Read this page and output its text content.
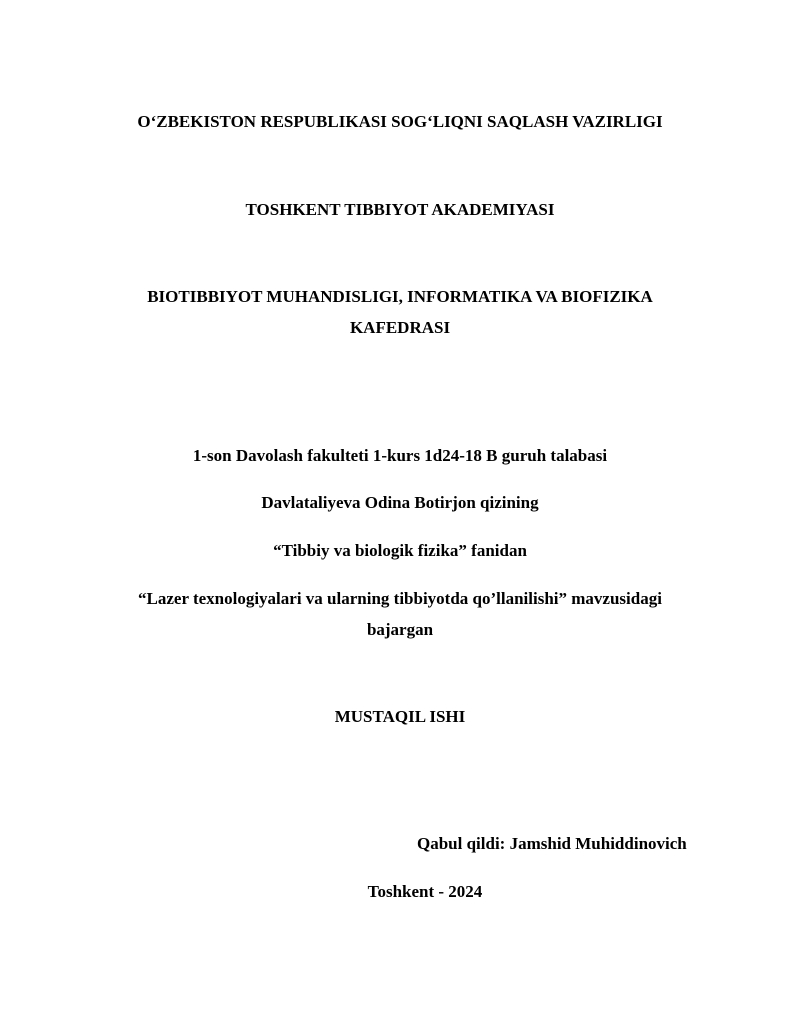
O‘ZBEKISTON RESPUBLIKASI SOG‘LIQNI SAQLASH VAZIRLIGI
TOSHKENT TIBBIYOT AKADEMIYASI
BIOTIBBIYOT MUHANDISLIGI, INFORMATIKA VA BIOFIZIKA
KAFEDRASI
1-son Davolash fakulteti 1-kurs 1d24-18 B guruh talabasi
Davlataliyeva Odina Botirjon qizining
“Tibbiy va biologik fizika” fanidan
“Lazer texnologiyalari va ularning tibbiyotda qo’llanilishi” mavzusidagi
bajargan
MUSTAQIL ISHI
Qabul qildi: Jamshid Muhiddinovich
Toshkent - 2024
